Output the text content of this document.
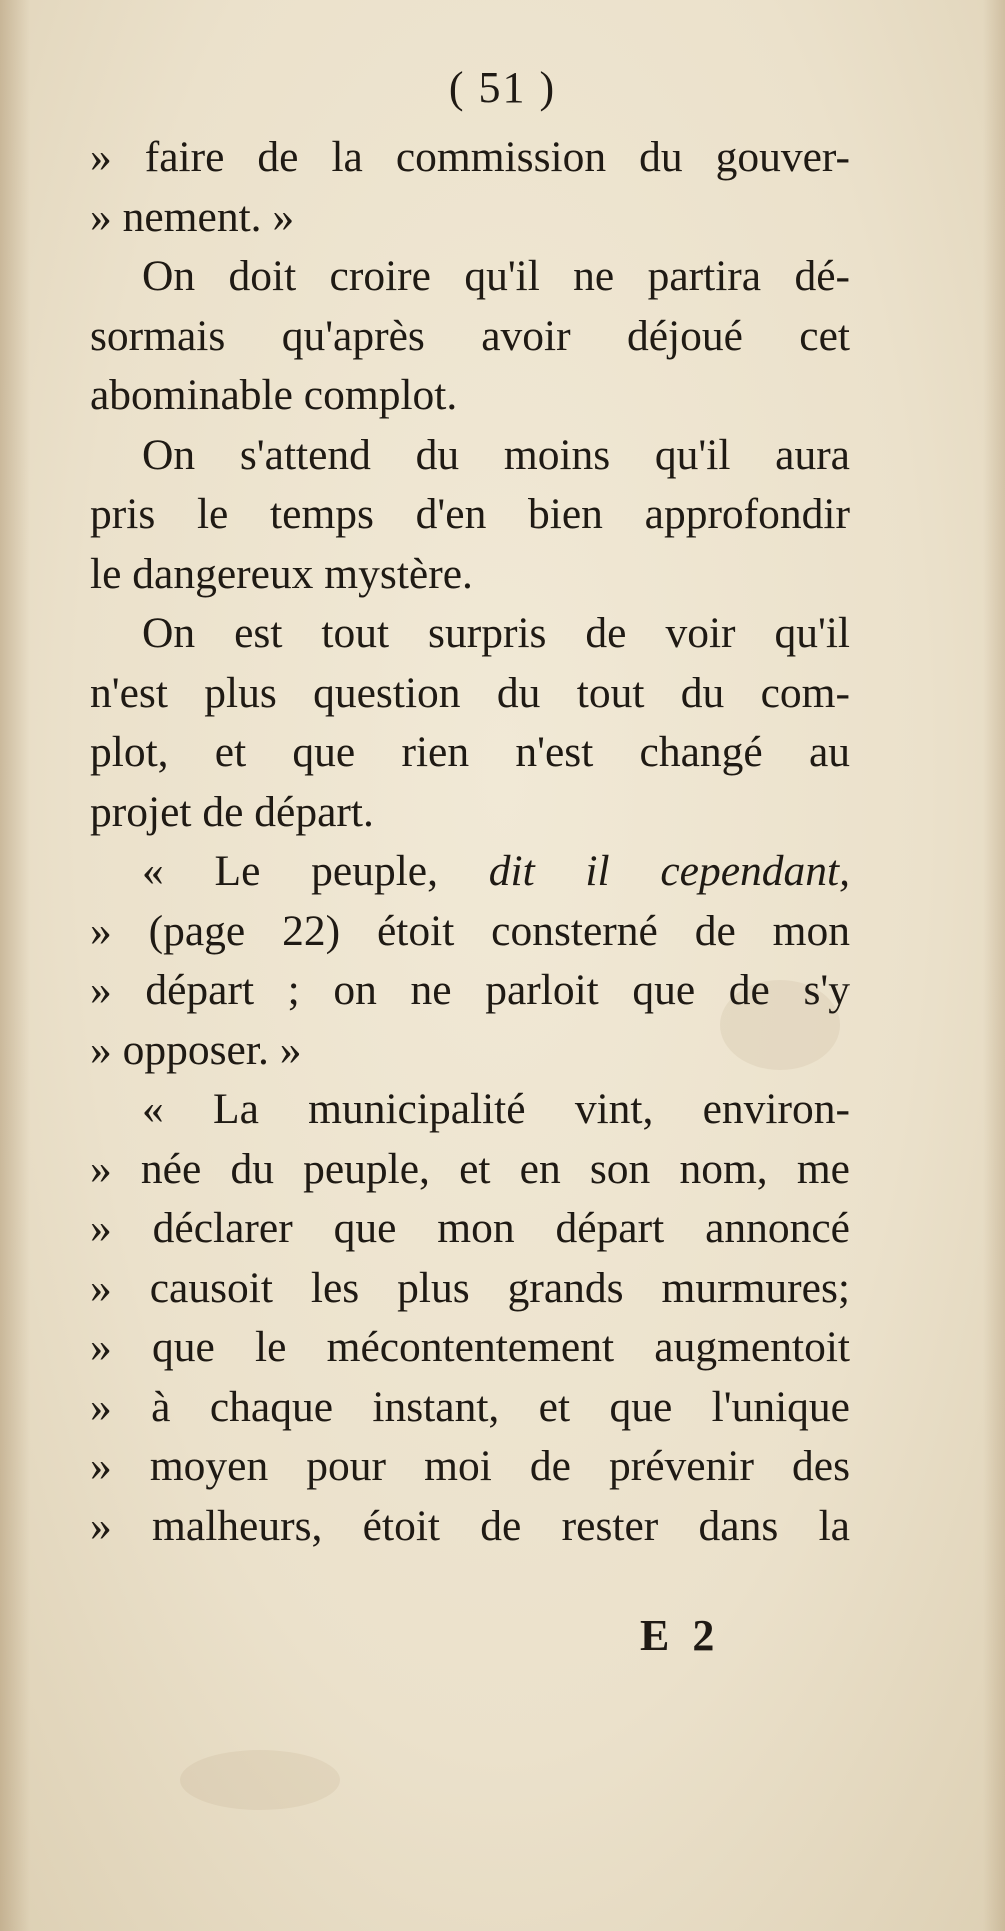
( 51 )
» faire de la commission du gouver-
» nement. »
On doit croire qu'il ne partira dé-
sormais qu'après avoir déjoué cet
abominable complot.
On s'attend du moins qu'il aura
pris le temps d'en bien approfondir
le dangereux mystère.
On est tout surpris de voir qu'il
n'est plus question du tout du com-
plot, et que rien n'est changé au
projet de départ.
« Le peuple, dit il cependant,
» (page 22) étoit consterné de mon
» départ ; on ne parloit que de s'y
» opposer. »
« La municipalité vint, environ-
» née du peuple, et en son nom, me
» déclarer que mon départ annoncé
» causoit les plus grands murmures;
» que le mécontentement augmentoit
» à chaque instant, et que l'unique
» moyen pour moi de prévenir des
» malheurs, étoit de rester dans la
E 2
